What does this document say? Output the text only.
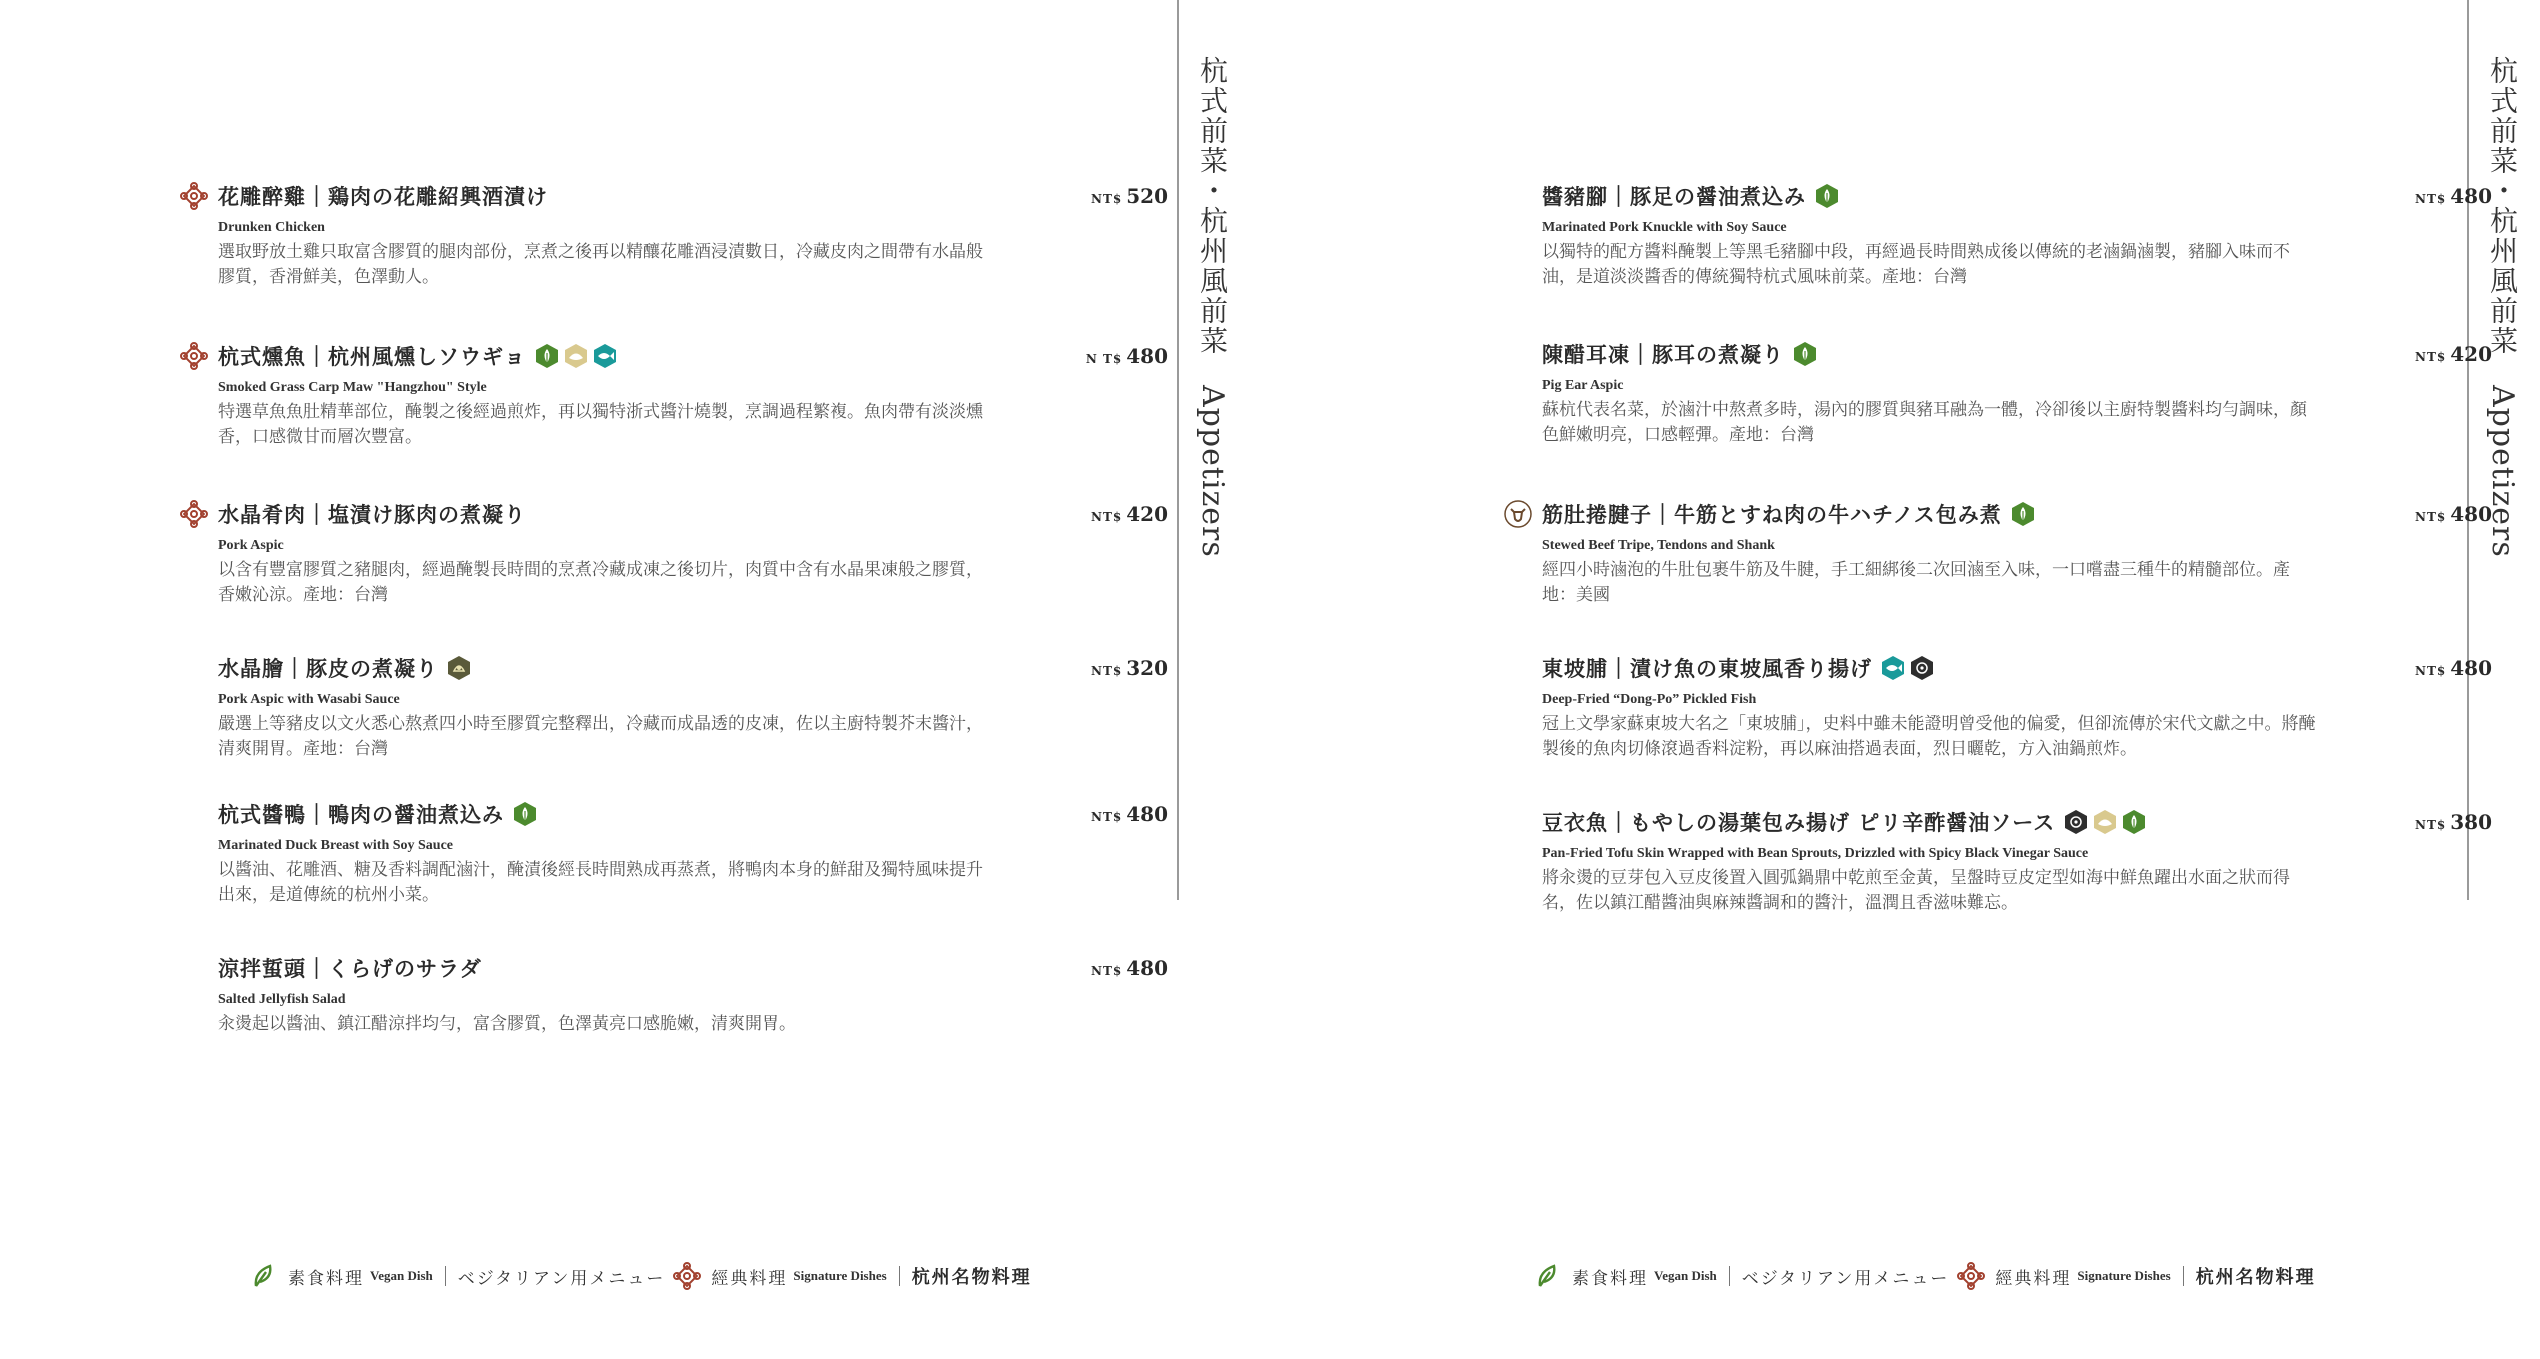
杭式前菜・杭州風前菜 Appetizers
花雕醉雞｜鶏肉の花雕紹興酒漬け	NT$ 520
Drunken Chicken
選取野放土雞只取富含膠質的腿肉部份，烹煮之後再以精釀花雕酒浸漬數日，冷藏皮肉之間帶有水晶般膠質，香滑鮮美，色澤動人。
杭式燻魚｜杭州風燻しソウギョ	N T$ 480
Smoked Grass Carp Maw "Hangzhou" Style
特選草魚魚肚精華部位，醃製之後經過煎炸，再以獨特浙式醬汁燒製，烹調過程繁複。魚肉帶有淡淡燻香，口感微甘而層次豐富。
水晶肴肉｜塩漬け豚肉の煮凝り	NT$ 420
Pork Aspic
以含有豐富膠質之豬腿肉，經過醃製長時間的烹煮冷藏成凍之後切片，肉質中含有水晶果凍般之膠質，香嫩沁涼。產地：台灣
水晶膾｜豚皮の煮凝り	NT$ 320
Pork Aspic with Wasabi Sauce
嚴選上等豬皮以文火悉心熬煮四小時至膠質完整釋出，冷藏而成晶透的皮凍，佐以主廚特製芥末醬汁，清爽開胃。產地：台灣
杭式醬鴨｜鴨肉の醤油煮込み	NT$ 480
Marinated Duck Breast with Soy Sauce
以醬油、花雕酒、糖及香料調配滷汁，醃漬後經長時間熟成再蒸煮，將鴨肉本身的鮮甜及獨特風味提升出來，是道傳統的杭州小菜。
涼拌蜇頭｜くらげのサラダ	NT$ 480
Salted Jellyfish Salad
汆燙起以醬油、鎮江醋涼拌均勻，富含膠質，色澤黃亮口感脆嫩，清爽開胃。
素食料理 Vegan Dish ベジタリアン用メニュー	經典料理 Signature Dishes 杭州名物料理
杭式前菜・杭州風前菜 Appetizers
醬豬腳｜豚足の醤油煮込み	NT$ 480
Marinated Pork Knuckle with Soy Sauce
以獨特的配方醬料醃製上等黑毛豬腳中段，再經過長時間熟成後以傳統的老滷鍋滷製，豬腳入味而不油，是道淡淡醬香的傳統獨特杭式風味前菜。產地：台灣
陳醋耳凍｜豚耳の煮凝り	NT$ 420
Pig Ear Aspic
蘇杭代表名菜，於滷汁中熬煮多時，湯內的膠質與豬耳融為一體，冷卻後以主廚特製醬料均勻調味，顏色鮮嫩明亮，口感輕彈。產地：台灣
筋肚捲腱子｜牛筋とすね肉の牛ハチノス包み煮	NT$ 480
Stewed Beef Tripe, Tendons and Shank
經四小時滷泡的牛肚包裹牛筋及牛腱，手工細綁後二次回滷至入味，一口嚐盡三種牛的精髓部位。產地：美國
東坡脯｜漬け魚の東坡風香り揚げ	NT$ 480
Deep-Fried “Dong-Po” Pickled Fish
冠上文學家蘇東坡大名之「東坡脯」，史料中雖未能證明曾受他的偏愛，但卻流傳於宋代文獻之中。將醃製後的魚肉切條滾過香料淀粉，再以麻油搭過表面，烈日曬乾，方入油鍋煎炸。
豆衣魚｜もやしの湯葉包み揚げ ピリ辛酢醤油ソース	NT$ 380
Pan-Fried Tofu Skin Wrapped with Bean Sprouts, Drizzled with Spicy Black Vinegar Sauce
將汆燙的豆芽包入豆皮後置入圓弧鍋鼎中乾煎至金黃，呈盤時豆皮定型如海中鮮魚躍出水面之狀而得名，佐以鎮江醋醬油與麻辣醬調和的醬汁，溫潤且香滋味難忘。
素食料理 Vegan Dish ベジタリアン用メニュー	經典料理 Signature Dishes 杭州名物料理
